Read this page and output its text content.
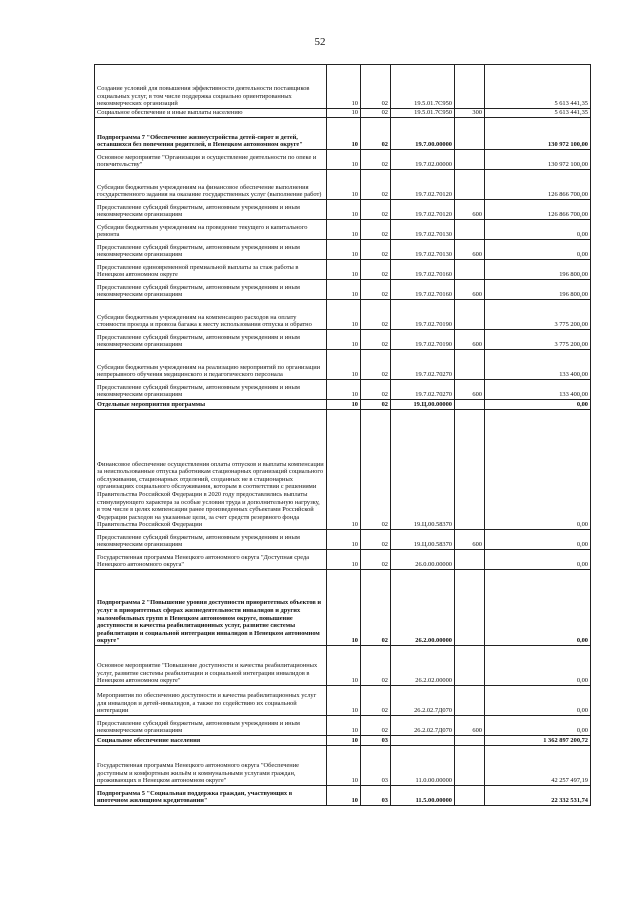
52
Создание условий для повышения эффективности деятельности поставщиков социальных услуг, в том числе поддержка социально ориентированных некоммерческих организаций	10	02	19.5.01.7С950		5 613 441,35
Социальное обеспечение и иные выплаты населению	10	02	19.5.01.7С950	300	5 613 441,35
Подпрограмма 7 "Обеспечение жизнеустройства детей-сирот и детей, оставшихся без попечения родителей, в Ненецком автономном округе"	10	02	19.7.00.00000		130 972 100,00
Основное мероприятие "Организация и осуществление деятельности по опеке и попечительству"	10	02	19.7.02.00000		130 972 100,00
Субсидии бюджетным учреждениям на финансовое обеспечение выполнения государственного задания на оказание государственных услуг (выполнение работ)	10	02	19.7.02.70120		126 866 700,00
Предоставление субсидий бюджетным, автономным учреждениям и иным некоммерческим организациям	10	02	19.7.02.70120	600	126 866 700,00
Субсидии бюджетным учреждениям на проведение текущего и капитального ремонта	10	02	19.7.02.70130		0,00
Предоставление субсидий бюджетным, автономным учреждениям и иным некоммерческим организациям	10	02	19.7.02.70130	600	0,00
Предоставление единовременной премиальной выплаты за стаж работы в Ненецком автономном округе	10	02	19.7.02.70160		196 800,00
Предоставление субсидий бюджетным, автономным учреждениям и иным некоммерческим организациям	10	02	19.7.02.70160	600	196 800,00
Субсидии бюджетным учреждениям на компенсацию расходов на оплату стоимости проезда и провоза багажа к месту использования отпуска и обратно	10	02	19.7.02.70190		3 775 200,00
Предоставление субсидий бюджетным, автономным учреждениям и иным некоммерческим организациям	10	02	19.7.02.70190	600	3 775 200,00
Субсидии бюджетным учреждениям на реализацию мероприятий по организации непрерывного обучения медицинского и педагогического персонала	10	02	19.7.02.70270		133 400,00
Предоставление субсидий бюджетным, автономным учреждениям и иным некоммерческим организациям	10	02	19.7.02.70270	600	133 400,00
Отдельные мероприятия программы	10	02	19.Ц.00.00000		0,00
Финансовое обеспечение осуществления оплаты отпусков и выплаты компенсации за неиспользованные отпуска работникам стационарных организаций социального обслуживания, стационарных отделений, созданных не в стационарных организациях социального обслуживания, которым в соответствии с решениями Правительства Российской Федерации в 2020 году предоставлялись выплаты стимулирующего характера за особые условия труда и дополнительную нагрузку, в том числе в целях компенсации ранее произведенных субъектами Российской Федерации расходов на указанные цели, за счет средств резервного фонда Правительства Российской Федерации	10	02	19.Ц.00.58370		0,00
Предоставление субсидий бюджетным, автономным учреждениям и иным некоммерческим организациям	10	02	19.Ц.00.58370	600	0,00
Государственная программа Ненецкого автономного округа "Доступная среда Ненецкого автономного округа"	10	02	26.0.00.00000		0,00
Подпрограмма 2 "Повышение уровня доступности приоритетных объектов и услуг в приоритетных сферах жизнедеятельности инвалидов и других маломобильных групп в Ненецком автономном округе, повышение доступности и качества реабилитационных услуг, развитие системы реабилитации и социальной интеграции инвалидов в Ненецком автономном округе"	10	02	26.2.00.00000		0,00
Основное мероприятие "Повышение доступности и качества реабилитационных услуг, развитие системы реабилитации и социальной интеграции инвалидов в Ненецком автономном округе"	10	02	26.2.02.00000		0,00
Мероприятия по обеспечению доступности и качества реабилитационных услуг для инвалидов и детей-инвалидов, а также по содействию их социальной интеграции	10	02	26.2.02.7Д070		0,00
Предоставление субсидий бюджетным, автономным учреждениям и иным некоммерческим организациям	10	02	26.2.02.7Д070	600	0,00
Социальное обеспечение населения	10	03			1 362 897 200,72
Государственная программа Ненецкого автономного округа "Обеспечение доступным и комфортным жильём и коммунальными услугами граждан, проживающих в Ненецком автономном округе"	10	03	11.0.00.00000		42 257 497,19
Подпрограмма 5 "Социальная поддержка граждан, участвующих в ипотечном жилищном кредитовании"	10	03	11.5.00.00000		22 332 531,74
